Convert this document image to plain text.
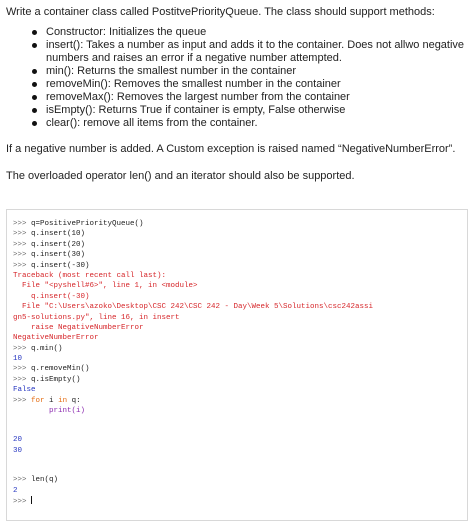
Write a container class called PostitvePriorityQueue. The class should support methods:

Constructor: Initializes the queue
insert(): Takes a number as input and adds it to the container. Does not allwo negative
numbers and raises an error if a negative number attempted.
min(): Returns the smallest number in the container
removeMin(): Removes the smallest number in the container
removeMax(): Removes the largest number from the container
isEmpty(): Returns True if container is empty, False otherwise
clear(): remove all items from the container.

If a negative number is added. A Custom exception is raised named “NegativeNumberError”.

The overloaded operator len() and an iterator should also be supported.

>>> q=PositivePriorityQueue()
>>> q.insert(10)
>>> q.insert(20)
>>> q.insert(30)
>>> q.insert(-30)
Traceback (most recent call last):
File "<pyshell#6>", line 1, in <module>
q.insert(-30)
File "C:\Users\azoko\Desktop\CSC 242\CSC 242 - Day\Week 5\Solutions\csc242assi
gn5-solutions.py", line 16, in insert
raise NegativeNumberError
NegativeNumberError
>>> q.min()
10
>>> q.removeMin()
>>> q.isEmpty()
False
>>> for i in q:
print(i)
20
30
>>> len(q)
2
>>>
